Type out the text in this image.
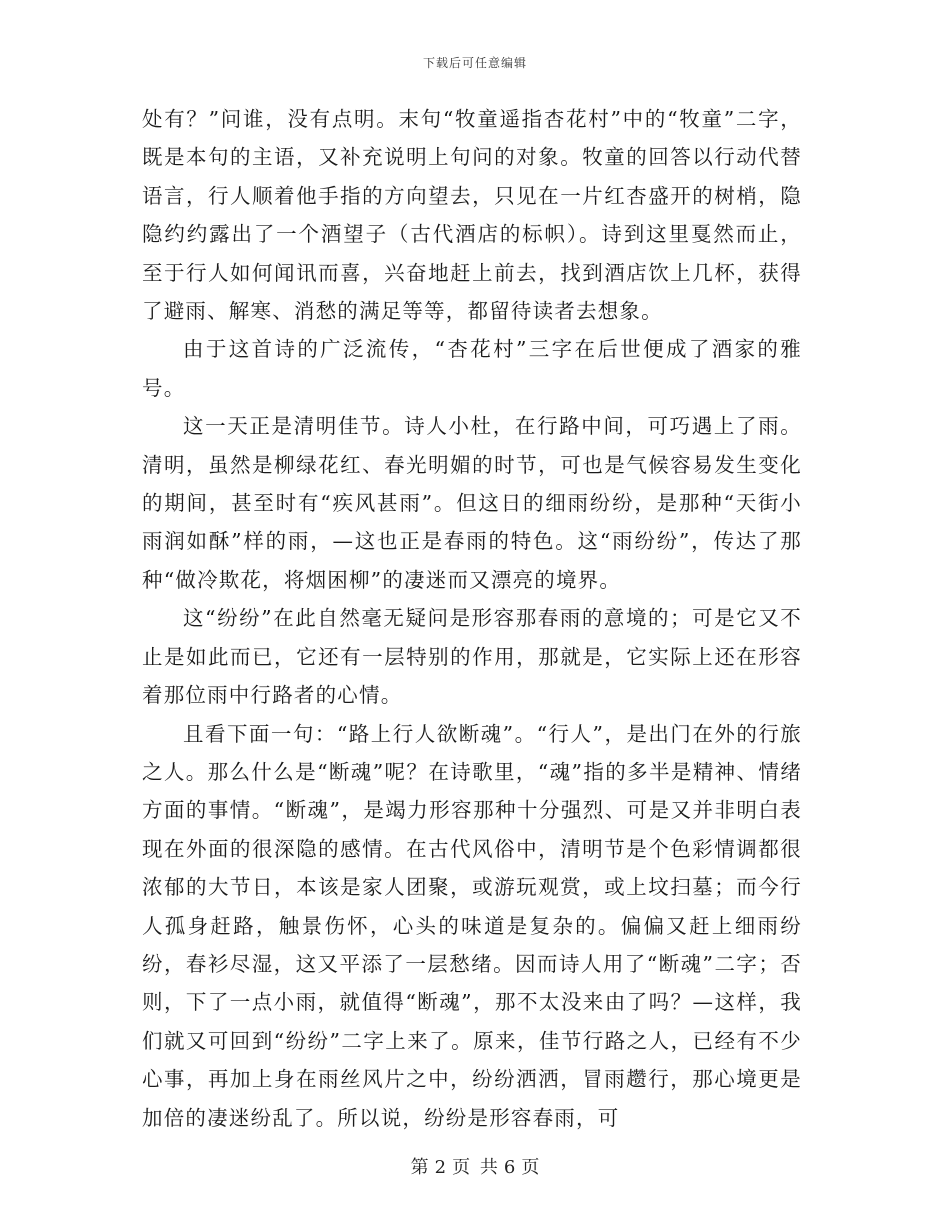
下载后可任意编辑

处有？”问谁，没有点明。末句“牧童遥指杏花村”中的“牧童”二字，既是本句的主语，又补充说明上句问的对象。牧童的回答以行动代替语言，行人顺着他手指的方向望去，只见在一片红杏盛开的树梢，隐隐约约露出了一个酒望子（古代酒店的标帜）。诗到这里戛然而止，至于行人如何闻讯而喜，兴奋地赶上前去，找到酒店饮上几杯，获得了避雨、解寒、消愁的满足等等，都留待读者去想象。

由于这首诗的广泛流传，“杏花村”三字在后世便成了酒家的雅号。

这一天正是清明佳节。诗人小杜，在行路中间，可巧遇上了雨。清明，虽然是柳绿花红、春光明媚的时节，可也是气候容易发生变化的期间，甚至时有“疾风甚雨”。但这日的细雨纷纷，是那种“天街小雨润如酥”样的雨，—这也正是春雨的特色。这“雨纷纷”，传达了那种“做冷欺花，将烟困柳”的凄迷而又漂亮的境界。

这“纷纷”在此自然毫无疑问是形容那春雨的意境的；可是它又不止是如此而已，它还有一层特别的作用，那就是，它实际上还在形容着那位雨中行路者的心情。

且看下面一句：“路上行人欲断魂”。“行人”，是出门在外的行旅之人。那么什么是“断魂”呢？在诗歌里，“魂”指的多半是精神、情绪方面的事情。“断魂”，是竭力形容那种十分强烈、可是又并非明白表现在外面的很深隐的感情。在古代风俗中，清明节是个色彩情调都很浓郁的大节日，本该是家人团聚，或游玩观赏，或上坟扫墓；而今行人孤身赶路，触景伤怀，心头的味道是复杂的。偏偏又赶上细雨纷纷，春衫尽湿，这又平添了一层愁绪。因而诗人用了“断魂”二字；否则，下了一点小雨，就值得“断魂”，那不太没来由了吗？—这样，我们就又可回到“纷纷”二字上来了。原来，佳节行路之人，已经有不少心事，再加上身在雨丝风片之中，纷纷洒洒，冒雨趱行，那心境更是加倍的凄迷纷乱了。所以说，纷纷是形容春雨，可

第 2 页 共 6 页
